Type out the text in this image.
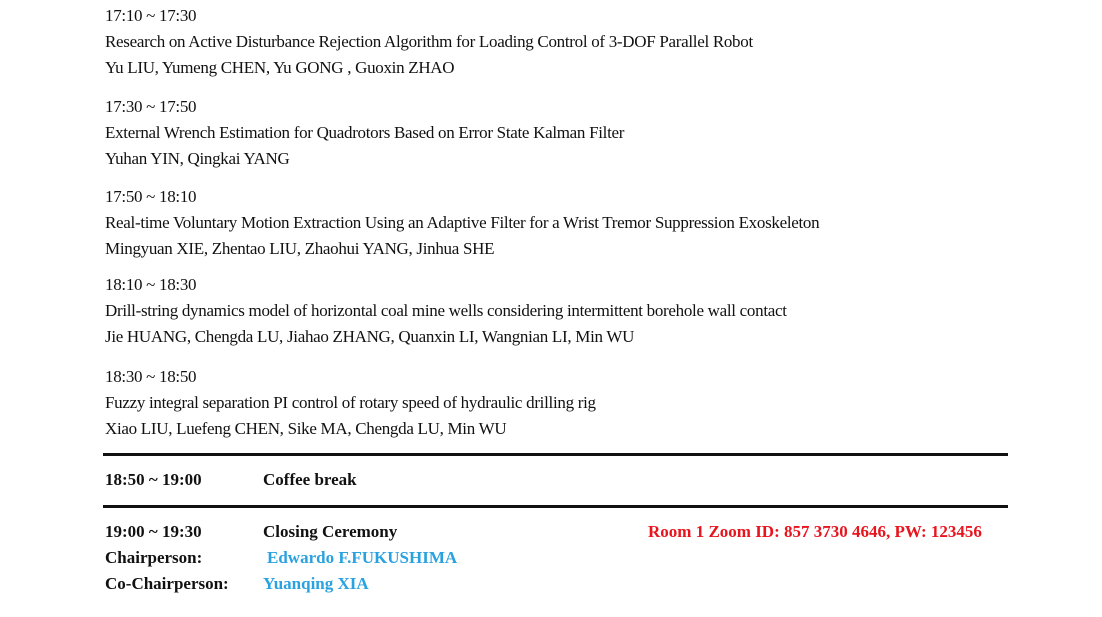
17:10 ~ 17:30
Research on Active Disturbance Rejection Algorithm for Loading Control of 3-DOF Parallel Robot
Yu LIU, Yumeng CHEN, Yu GONG , Guoxin ZHAO
17:30 ~ 17:50
External Wrench Estimation for Quadrotors Based on Error State Kalman Filter
Yuhan YIN, Qingkai YANG
17:50 ~ 18:10
Real-time Voluntary Motion Extraction Using an Adaptive Filter for a Wrist Tremor Suppression Exoskeleton
Mingyuan XIE, Zhentao LIU, Zhaohui YANG, Jinhua SHE
18:10 ~ 18:30
Drill-string dynamics model of horizontal coal mine wells considering intermittent borehole wall contact
Jie HUANG, Chengda LU, Jiahao ZHANG, Quanxin LI, Wangnian LI, Min WU
18:30 ~ 18:50
Fuzzy integral separation PI control of rotary speed of hydraulic drilling rig
Xiao LIU, Luefeng CHEN, Sike MA, Chengda LU, Min WU
18:50 ~ 19:00	Coffee break
19:00 ~ 19:30	Closing Ceremony	Room 1 Zoom ID: 857 3730 4646, PW: 123456
Chairperson:	Edwardo F.FUKUSHIMA
Co-Chairperson: Yuanqing XIA
